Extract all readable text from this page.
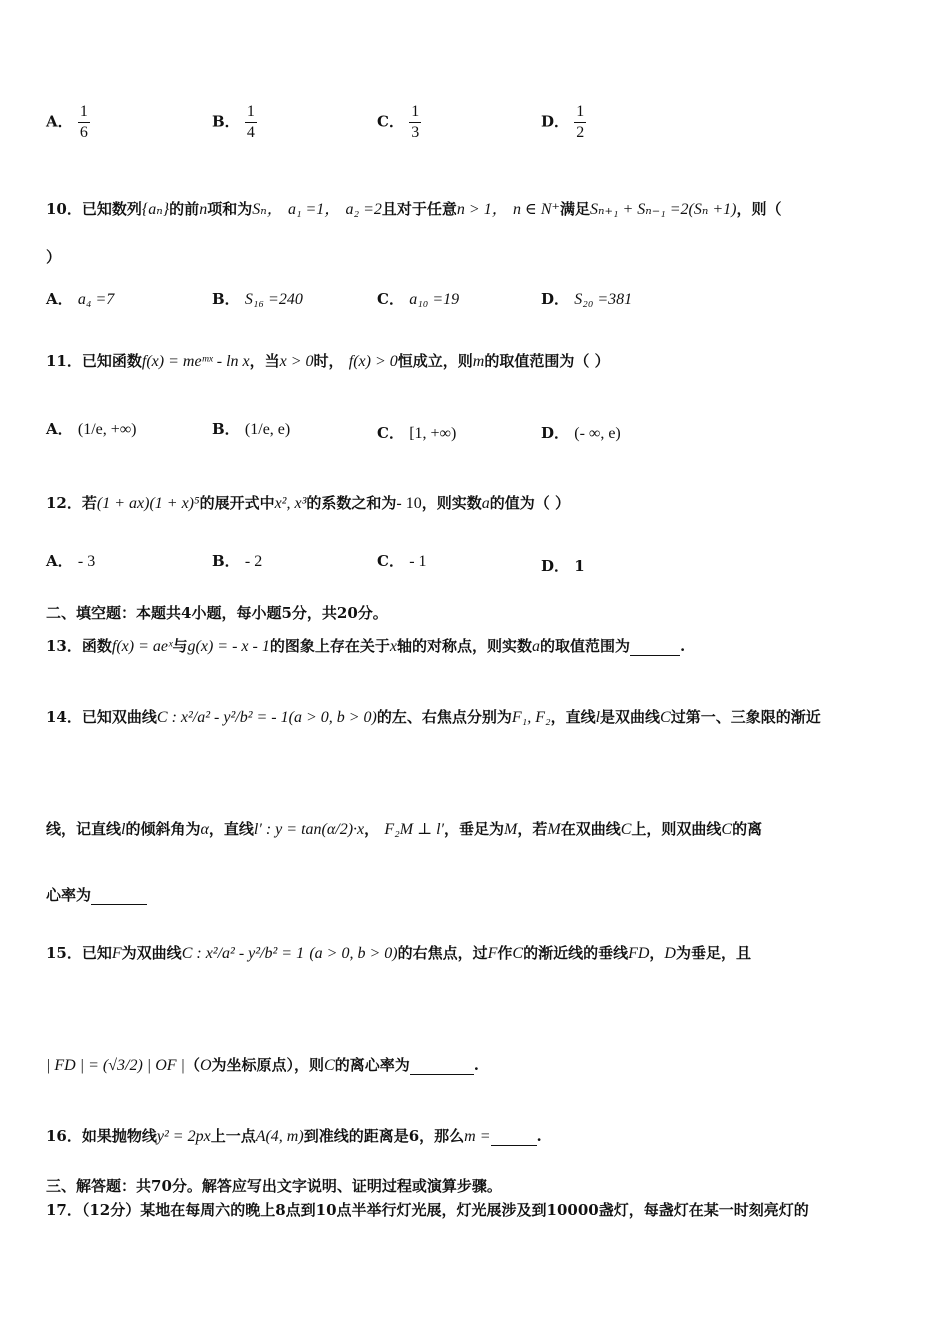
A． $\frac{1}{6}$	B． $\frac{1}{4}$	C． $\frac{1}{3}$	D． $\frac{1}{2}$
10．已知数列{aₙ}的前n项和为Sₙ， a₁ =1， a₂ =2且对于任意n > 1， n ∈ N⁺满足Sₙ₊₁ + Sₙ₋₁ =2(Sₙ +1)，则（
）
A． a₄ =7	B． S₁₆ =240	C． a₁₀ =19	D． S₂₀ =381
11．已知函数f(x) = meᵐˣ - ln x，当x > 0时， f(x) > 0恒成立，则m的取值范围为（ ）
A． (1/e, +∞)	B． (1/e, e)	C． [1, +∞)	D． (- ∞, e)
12．若(1 + ax)(1 + x)⁵的展开式中x², x³的系数之和为- 10，则实数a的值为（ ）
A． - 3	B． - 2	C． - 1	D． 1
二、填空题：本题共4小题，每小题5分，共20分。
13．函数f(x) = aeˣ与g(x) = - x - 1的图象上存在关于x轴的对称点，则实数a的取值范围为	.
14．已知双曲线C : x²/a² - y²/b² = - 1(a > 0, b > 0)的左、右焦点分别为F₁, F₂，直线l是双曲线C过第一、三象限的渐近
线，记直线l的倾斜角为α，直线l′ : y = tan(α/2)·x， F₂M ⊥ l′，垂足为M，若M在双曲线C上，则双曲线C的离
心率为
15．已知F为双曲线C : x²/a² - y²/b² = 1 (a > 0, b > 0)的右焦点，过F作C的渐近线的垂线FD，D为垂足，且
| FD | = (√3/2) | OF |（O为坐标原点），则C的离心率为	.
16．如果抛物线y² = 2px上一点A(4, m)到准线的距离是6，那么m =	.
三、解答题：共70分。解答应写出文字说明、证明过程或演算步骤。
17．（12分）某地在每周六的晚上8点到10点半举行灯光展，灯光展涉及到10000盏灯，每盏灯在某一时刻亮灯的
